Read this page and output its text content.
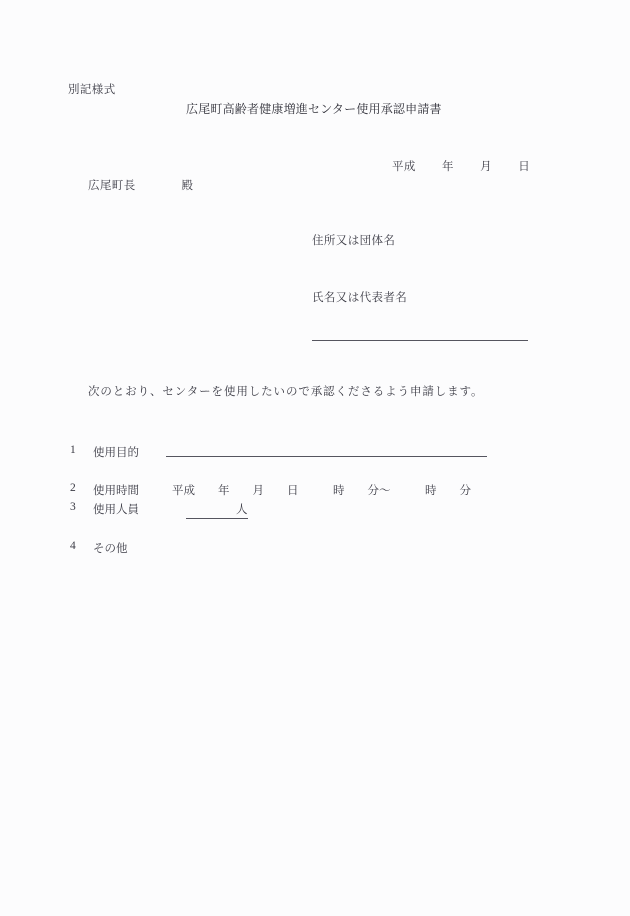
別記様式
広尾町高齢者健康増進センター使用承認申請書
平成        年        月        日
広尾町長              殿
住所又は団体名
氏名又は代表者名
次のとおり、センターを使用したいので承認くださるよう申請します。
1 使用目的
2 使用時間	平成        年        月        日            時        分〜            時        分
3 使用人員	人
4 その他
